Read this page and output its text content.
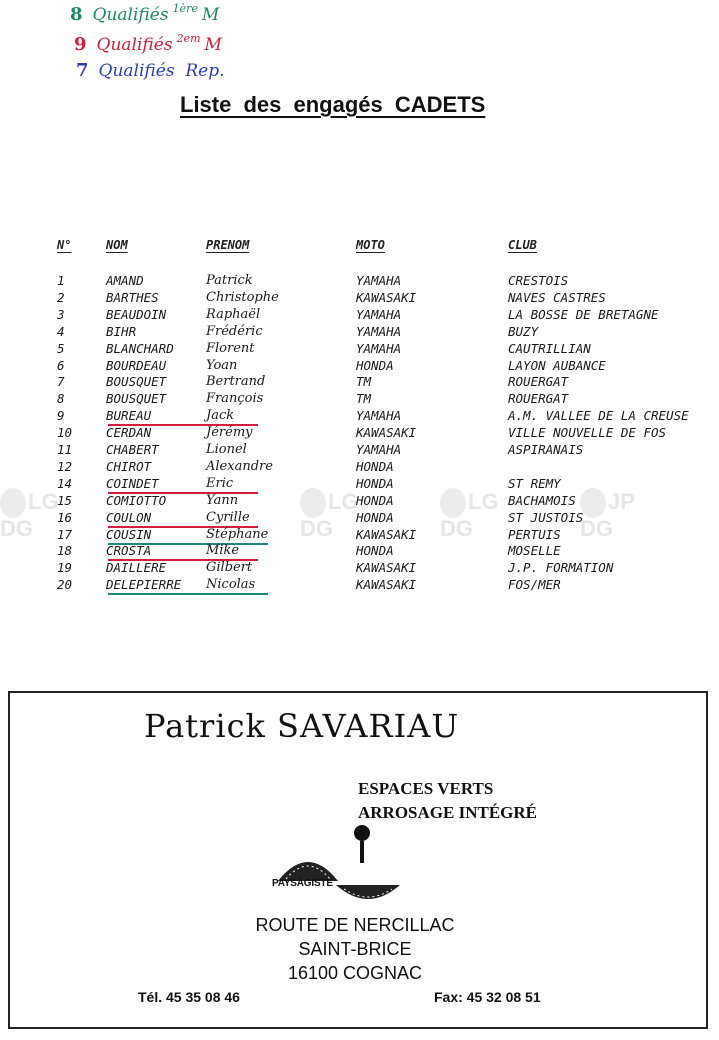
8 Qualifiés $^{1ère}$ M
9 Qualifiés $^{2em}$ M
7 Qualifiés Rep.
Liste des engagés CADETS
N°	NOM	PRENOM	MOTO	CLUB
LG
DG
LG
DG
LG
DG
JP
DG
1	AMAND	Patrick	YAMAHA	CRESTOIS
2	BARTHES	Christophe	KAWASAKI	NAVES CASTRES
3	BEAUDOIN	Raphaël	YAMAHA	LA BOSSE DE BRETAGNE
4	BIHR	Frédéric	YAMAHA	BUZY
5	BLANCHARD Florent	YAMAHA	CAUTRILLIAN
6	BOURDEAU	Yoan	HONDA	LAYON AUBANCE
7	BOUSQUET	Bertrand	TM	ROUERGAT
8	BOUSQUET	François	TM	ROUERGAT
9	BUREAU	Jack	YAMAHA	A.M. VALLEE DE LA CREUSE
10	CERDAN	Jérémy	KAWASAKI	VILLE NOUVELLE DE FOS
11	CHABERT	Lionel	YAMAHA	ASPIRANAIS
12	CHIROT	Alexandre	HONDA
14	COINDET	Eric	HONDA	ST REMY
15	COMIOTTO	Yann	HONDA	BACHAMOIS
16	COULON	Cyrille	HONDA	ST JUSTOIS
17	COUSIN	Stéphane	KAWASAKI	PERTUIS
18	CROSTA	Mike	HONDA	MOSELLE
19	DAILLERE	Gilbert	KAWASAKI	J.P. FORMATION
20	DELEPIERRE Nicolas	KAWASAKI	FOS/MER
Patrick SAVARIAU
ESPACES VERTS
ARROSAGE INTÉGRÉ
PAYSAGISTE
ROUTE DE NERCILLAC
SAINT-BRICE
16100 COGNAC
Tél. 45 35 08 46	Fax: 45 32 08 51
